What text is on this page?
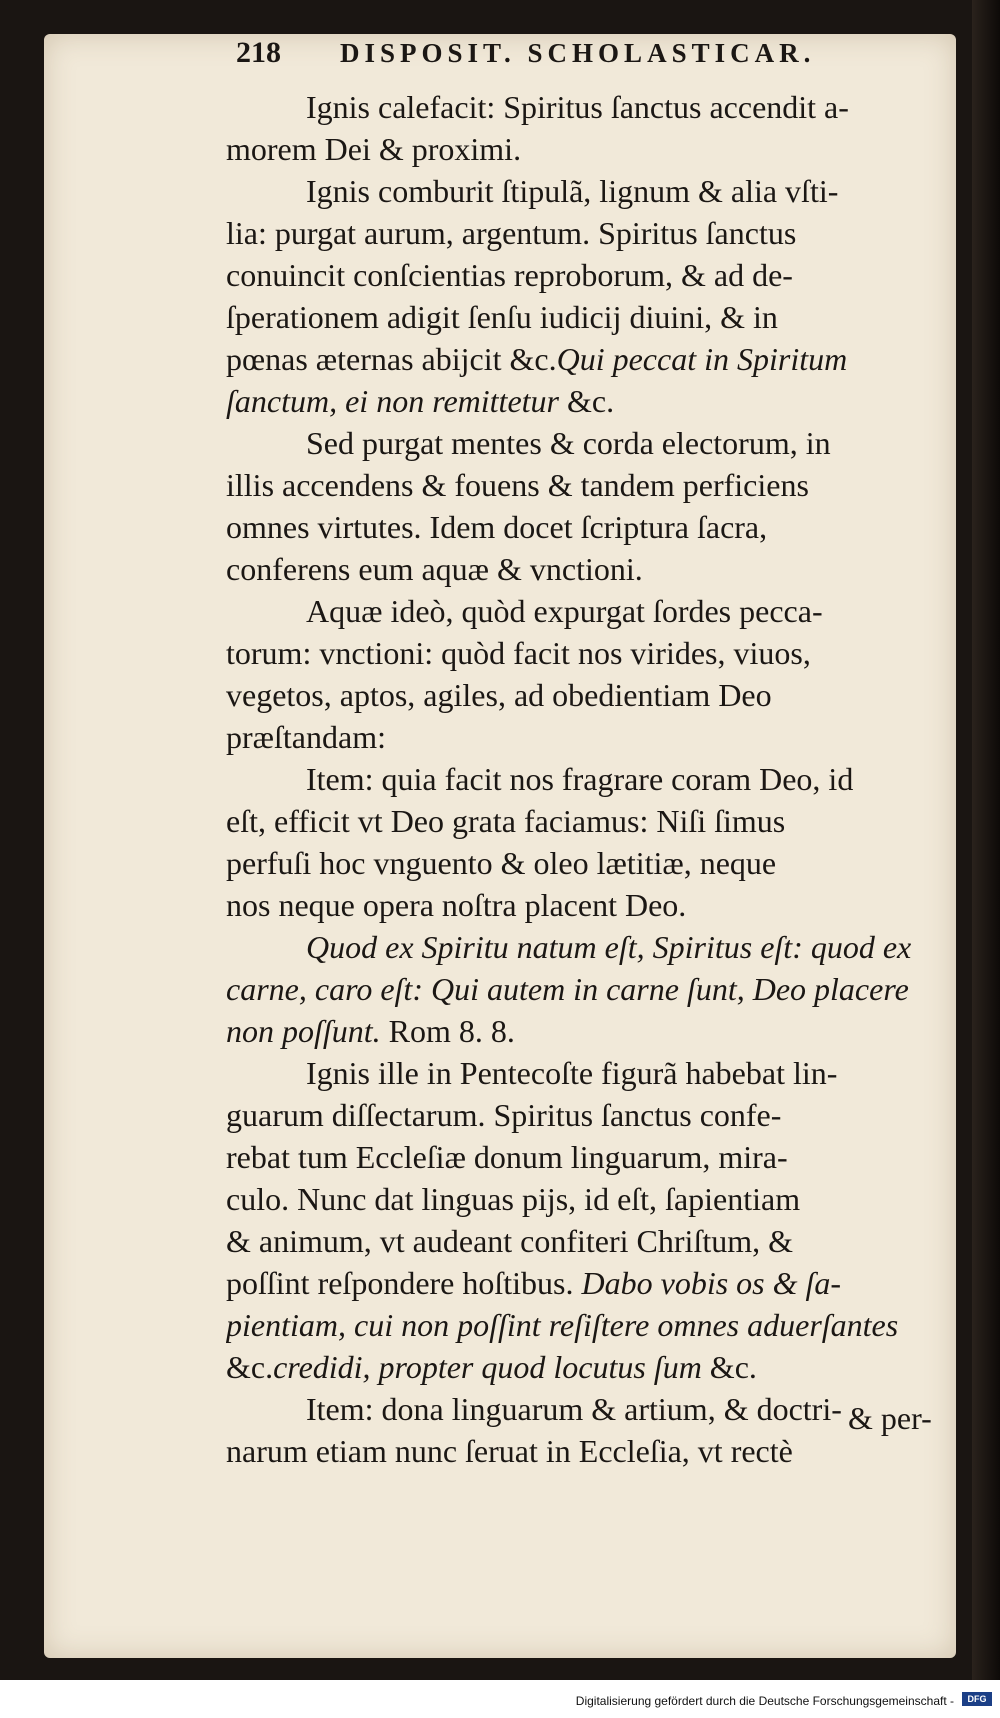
218 DISPOSIT. SCHOLASTICAR.
Ignis calefacit: Spiritus ſanctus accendit a-
morem Dei & proximi.
Ignis comburit ſtipulã, lignum & alia vſti-
lia: purgat aurum, argentum. Spiritus ſanctus
conuincit conſcientias reproborum, & ad de-
ſperationem adigit ſenſu iudicij diuini, & in
pœnas æternas abijcit &c.Qui peccat in Spiritum
ſanctum, ei non remittetur &c.
Sed purgat mentes & corda electorum, in
illis accendens & fouens & tandem perficiens
omnes virtutes. Idem docet ſcriptura ſacra,
conferens eum aquæ & vnctioni.
Aquæ ideò, quòd expurgat ſordes pecca-
torum: vnctioni: quòd facit nos virides, viuos,
vegetos, aptos, agiles, ad obedientiam Deo
præſtandam:
Item: quia facit nos fragrare coram Deo, id
eſt, efficit vt Deo grata faciamus: Niſi ſimus
perfuſi hoc vnguento & oleo lætitiæ, neque
nos neque opera noſtra placent Deo.
Quod ex Spiritu natum eſt, Spiritus eſt: quod ex
carne, caro eſt: Qui autem in carne ſunt, Deo placere
non poſſunt. Rom 8. 8.
Ignis ille in Pentecoſte figurã habebat lin-
guarum diſſectarum. Spiritus ſanctus confe-
rebat tum Eccleſiæ donum linguarum, mira-
culo. Nunc dat linguas pijs, id eſt, ſapientiam
& animum, vt audeant confiteri Chriſtum, &
poſſint reſpondere hoſtibus. Dabo vobis os & ſa-
pientiam, cui non poſſint reſiſtere omnes aduerſantes
&c.credidi, propter quod locutus ſum &c.
Item: dona linguarum & artium, & doctri-
narum etiam nunc ſeruat in Eccleſia, vt rectè
& per-
Digitalisierung gefördert durch die Deutsche Forschungsgemeinschaft -	DFG
